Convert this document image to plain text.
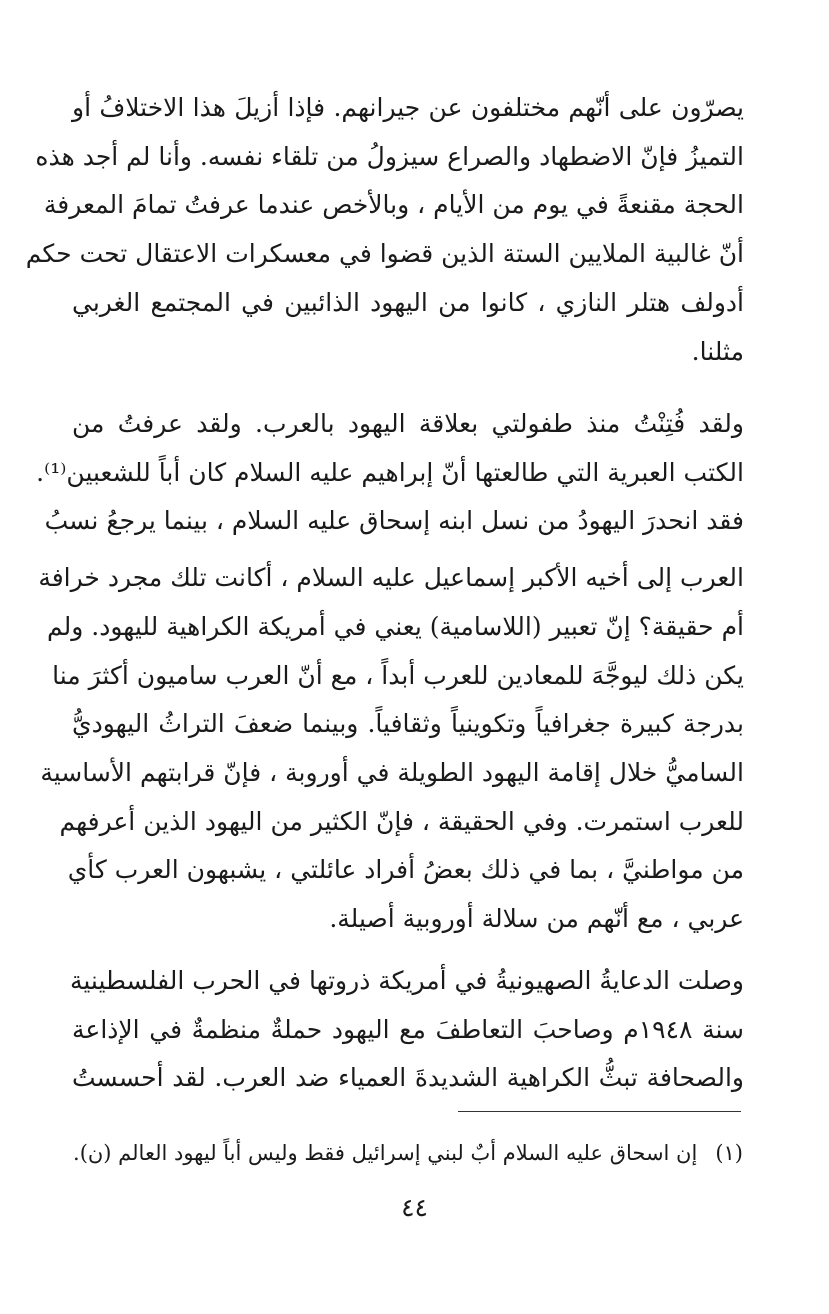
يصرّون على أنّهم مختلفون عن جيرانهم. فإذا أزيلَ هذا الاختلافُ أو
التميزُ فإنّ الاضطهاد والصراع سيزولُ من تلقاء نفسه. وأنا لم أجد هذه
الحجة مقنعةً في يوم من الأيام ، وبالأخص عندما عرفتُ تمامَ المعرفة
أنّ غالبية الملايين الستة الذين قضوا في معسكرات الاعتقال تحت حكم
أدولف هتلر النازي ، كانوا من اليهود الذائبين في المجتمع الغربي
مثلنا.
ولقد فُتِنْتُ منذ طفولتي بعلاقة اليهود بالعرب. ولقد عرفتُ من
الكتب العبرية التي طالعتها أنّ إبراهيم عليه السلام كان أباً للشعبين⁽¹⁾.
فقد انحدرَ اليهودُ من نسل ابنه إسحاق عليه السلام ، بينما يرجعُ نسبُ
العرب إلى أخيه الأكبر إسماعيل عليه السلام ، أكانت تلك مجرد خرافة
أم حقيقة؟ إنّ تعبير (اللاسامية) يعني في أمريكة الكراهية لليهود. ولم
يكن ذلك ليوجَّهَ للمعادين للعرب أبداً ، مع أنّ العرب ساميون أكثرَ منا
بدرجة كبيرة جغرافياً وتكوينياً وثقافياً. وبينما ضعفَ التراثُ اليهوديُّ
الساميُّ خلال إقامة اليهود الطويلة في أوروبة ، فإنّ قرابتهم الأساسية
للعرب استمرت. وفي الحقيقة ، فإنّ الكثير من اليهود الذين أعرفهم
من مواطنيَّ ، بما في ذلك بعضُ أفراد عائلتي ، يشبهون العرب كأي
عربي ، مع أنّهم من سلالة أوروبية أصيلة.
وصلت الدعايةُ الصهيونيةُ في أمريكة ذروتها في الحرب الفلسطينية
سنة ١٩٤٨م وصاحبَ التعاطفَ مع اليهود حملةٌ منظمةٌ في الإذاعة
والصحافة تبثُّ الكراهية الشديدةَ العمياء ضد العرب. لقد أحسستُ
(١)إن اسحاق عليه السلام أبٌ لبني إسرائيل فقط وليس أباً ليهود العالم (ن).
٤٤
